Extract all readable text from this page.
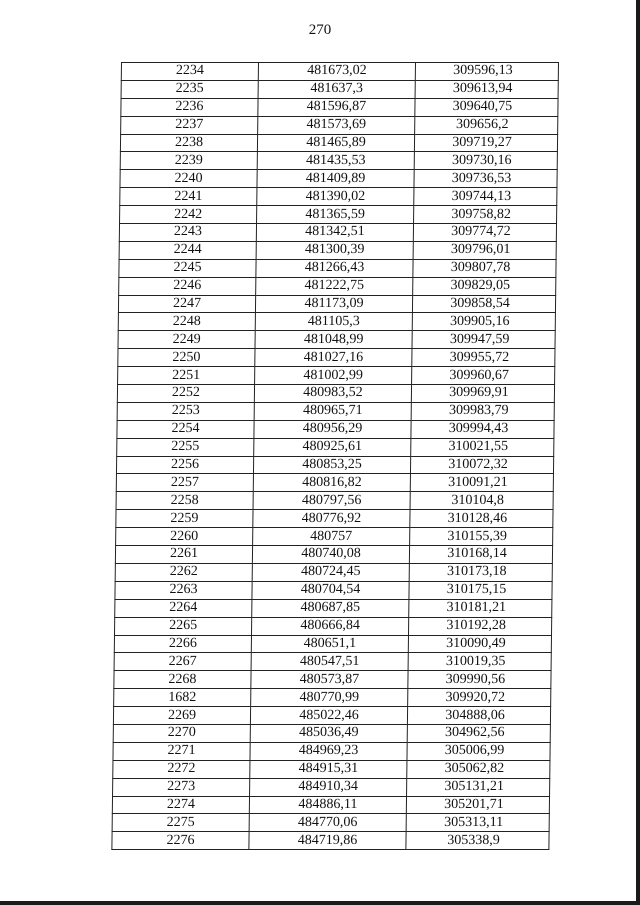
270
2234	481673,02	309596,13
2235	481637,3	309613,94
2236	481596,87	309640,75
2237	481573,69	309656,2
2238	481465,89	309719,27
2239	481435,53	309730,16
2240	481409,89	309736,53
2241	481390,02	309744,13
2242	481365,59	309758,82
2243	481342,51	309774,72
2244	481300,39	309796,01
2245	481266,43	309807,78
2246	481222,75	309829,05
2247	481173,09	309858,54
2248	481105,3	309905,16
2249	481048,99	309947,59
2250	481027,16	309955,72
2251	481002,99	309960,67
2252	480983,52	309969,91
2253	480965,71	309983,79
2254	480956,29	309994,43
2255	480925,61	310021,55
2256	480853,25	310072,32
2257	480816,82	310091,21
2258	480797,56	310104,8
2259	480776,92	310128,46
2260	480757	310155,39
2261	480740,08	310168,14
2262	480724,45	310173,18
2263	480704,54	310175,15
2264	480687,85	310181,21
2265	480666,84	310192,28
2266	480651,1	310090,49
2267	480547,51	310019,35
2268	480573,87	309990,56
1682	480770,99	309920,72
2269	485022,46	304888,06
2270	485036,49	304962,56
2271	484969,23	305006,99
2272	484915,31	305062,82
2273	484910,34	305131,21
2274	484886,11	305201,71
2275	484770,06	305313,11
2276	484719,86	305338,9
